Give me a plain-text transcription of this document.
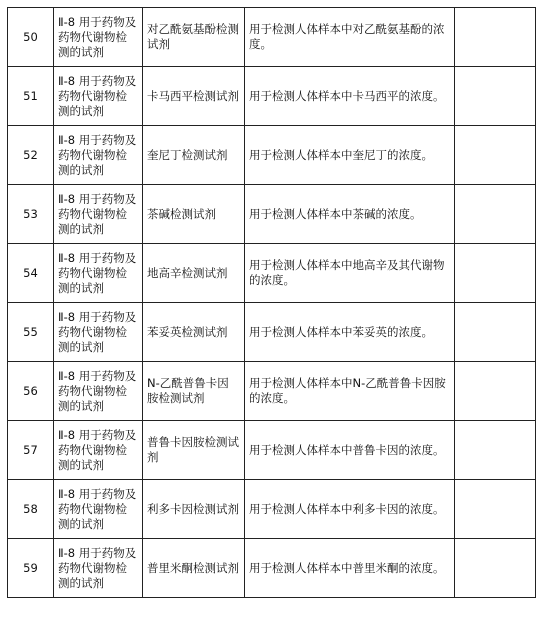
50	Ⅱ-8 用于药物及药物代谢物检测的试剂	对乙酰氨基酚检测试剂	用于检测人体样本中对乙酰氨基酚的浓度。	
51	Ⅱ-8 用于药物及药物代谢物检测的试剂	卡马西平检测试剂	用于检测人体样本中卡马西平的浓度。	
52	Ⅱ-8 用于药物及药物代谢物检测的试剂	奎尼丁检测试剂	用于检测人体样本中奎尼丁的浓度。	
53	Ⅱ-8 用于药物及药物代谢物检测的试剂	茶碱检测试剂	用于检测人体样本中茶碱的浓度。	
54	Ⅱ-8 用于药物及药物代谢物检测的试剂	地高辛检测试剂	用于检测人体样本中地高辛及其代谢物的浓度。	
55	Ⅱ-8 用于药物及药物代谢物检测的试剂	苯妥英检测试剂	用于检测人体样本中苯妥英的浓度。	
56	Ⅱ-8 用于药物及药物代谢物检测的试剂	N-乙酰普鲁卡因胺检测试剂	用于检测人体样本中N-乙酰普鲁卡因胺的浓度。	
57	Ⅱ-8 用于药物及药物代谢物检测的试剂	普鲁卡因胺检测试剂	用于检测人体样本中普鲁卡因的浓度。	
58	Ⅱ-8 用于药物及药物代谢物检测的试剂	利多卡因检测试剂	用于检测人体样本中利多卡因的浓度。	
59	Ⅱ-8 用于药物及药物代谢物检测的试剂	普里米酮检测试剂	用于检测人体样本中普里米酮的浓度。	
